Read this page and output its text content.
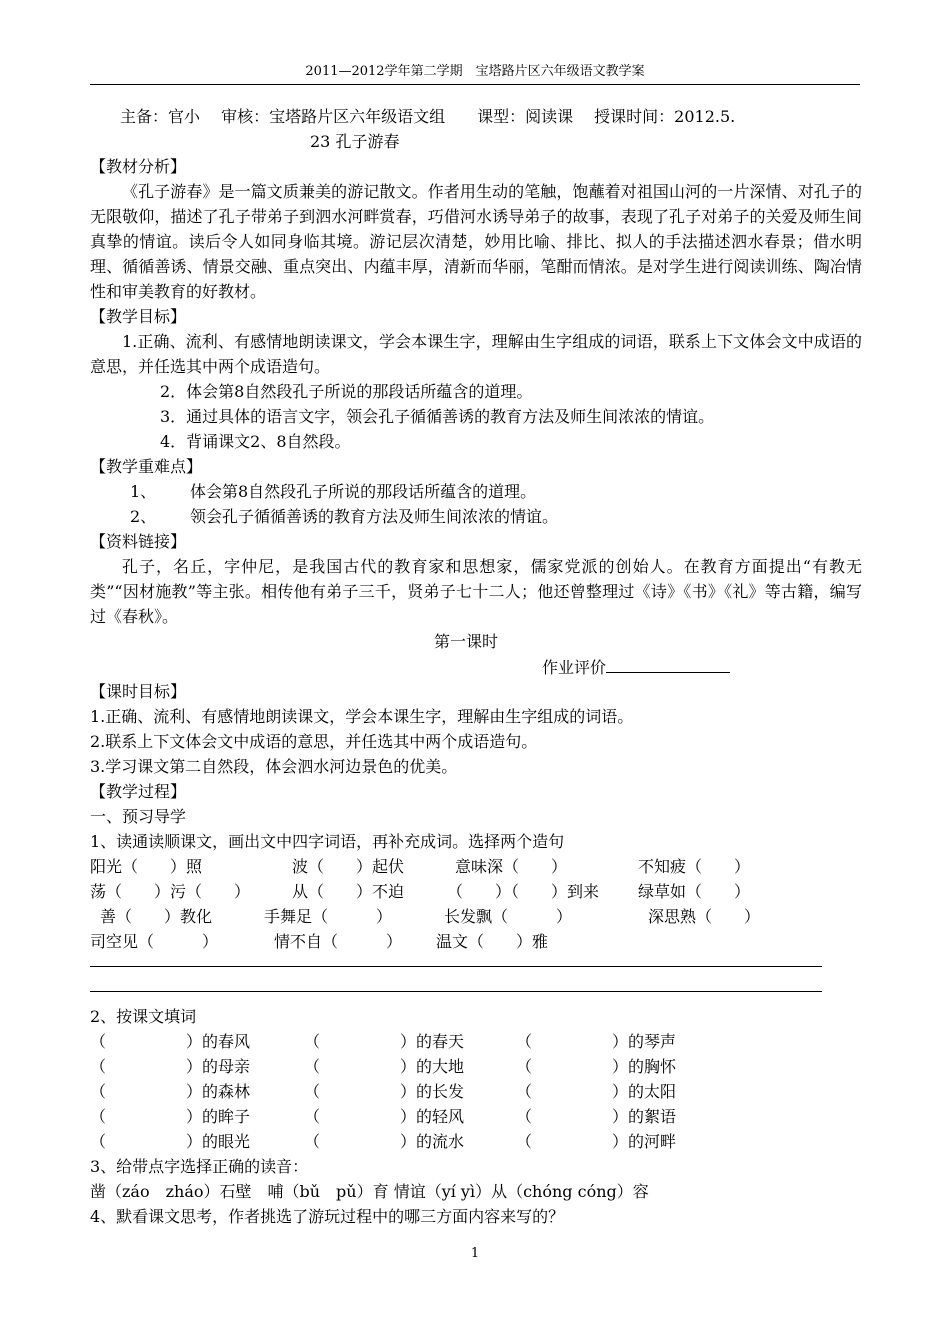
2011—2012学年第二学期　宝塔路片区六年级语文教学案
主备：官小　 审核：宝塔路片区六年级语文组　　课型：阅读课　 授课时间：2012.5.
23 孔子游春
【教材分析】
《孔子游春》是一篇文质兼美的游记散文。作者用生动的笔触，饱蘸着对祖国山河的一片深情、对孔子的无限敬仰，描述了孔子带弟子到泗水河畔赏春，巧借河水诱导弟子的故事，表现了孔子对弟子的关爱及师生间真挚的情谊。读后令人如同身临其境。游记层次清楚，妙用比喻、排比、拟人的手法描述泗水春景；借水明理、循循善诱、情景交融、重点突出、内蕴丰厚，清新而华丽，笔酣而情浓。是对学生进行阅读训练、陶冶情性和审美教育的好教材。
【教学目标】
1.正确、流利、有感情地朗读课文，学会本课生字，理解由生字组成的词语，联系上下文体会文中成语的意思，并任选其中两个成语造句。
2．体会第8自然段孔子所说的那段话所蕴含的道理。
3．通过具体的语言文字，领会孔子循循善诱的教育方法及师生间浓浓的情谊。
4．背诵课文2、8自然段。
【教学重难点】
1、 体会第8自然段孔子所说的那段话所蕴含的道理。
2、 领会孔子循循善诱的教育方法及师生间浓浓的情谊。
【资料链接】
孔子，名丘，字仲尼，是我国古代的教育家和思想家，儒家党派的创始人。在教育方面提出“有教无类”“因材施教”等主张。相传他有弟子三千，贤弟子七十二人；他还曾整理过《诗》《书》《礼》等古籍，编写过《春秋》。
第一课时
作业评价
【课时目标】
1.正确、流利、有感情地朗读课文，学会本课生字，理解由生字组成的词语。
2.联系上下文体会文中成语的意思，并任选其中两个成语造句。
3.学习课文第二自然段，体会泗水河边景色的优美。
【教学过程】
一、预习导学
1、读通读顺课文，画出文中四字词语，再补充成词。选择两个造句
阳光（　　）照	波（　　）起伏	意味深（　　）	不知疲（　　）
荡（　　）污（　　）	从（　　）不迫	（　　）（　　）到来 绿草如（　　）
善（　　）教化	手舞足（　　　）	长发飘（　　　）	深思熟（　　）
司空见（　　　）	情不自（　　　） 温文（　　）雅
2、按课文填词
（　　　　　）的春风	（　　　　　）的春天	（　　　　　）的琴声
（　　　　　）的母亲	（　　　　　）的大地	（　　　　　）的胸怀
（　　　　　）的森林	（　　　　　）的长发	（　　　　　）的太阳
（　　　　　）的眸子	（　　　　　）的轻风	（　　　　　）的絮语
（　　　　　）的眼光	（　　　　　）的流水	（　　　　　）的河畔
3、给带点字选择正确的读音：
凿（záo　zháo）石壁　哺（bǔ　pǔ）育 情谊（yí yì）从（chóng cóng）容
4、默看课文思考，作者挑选了游玩过程中的哪三方面内容来写的？
1
